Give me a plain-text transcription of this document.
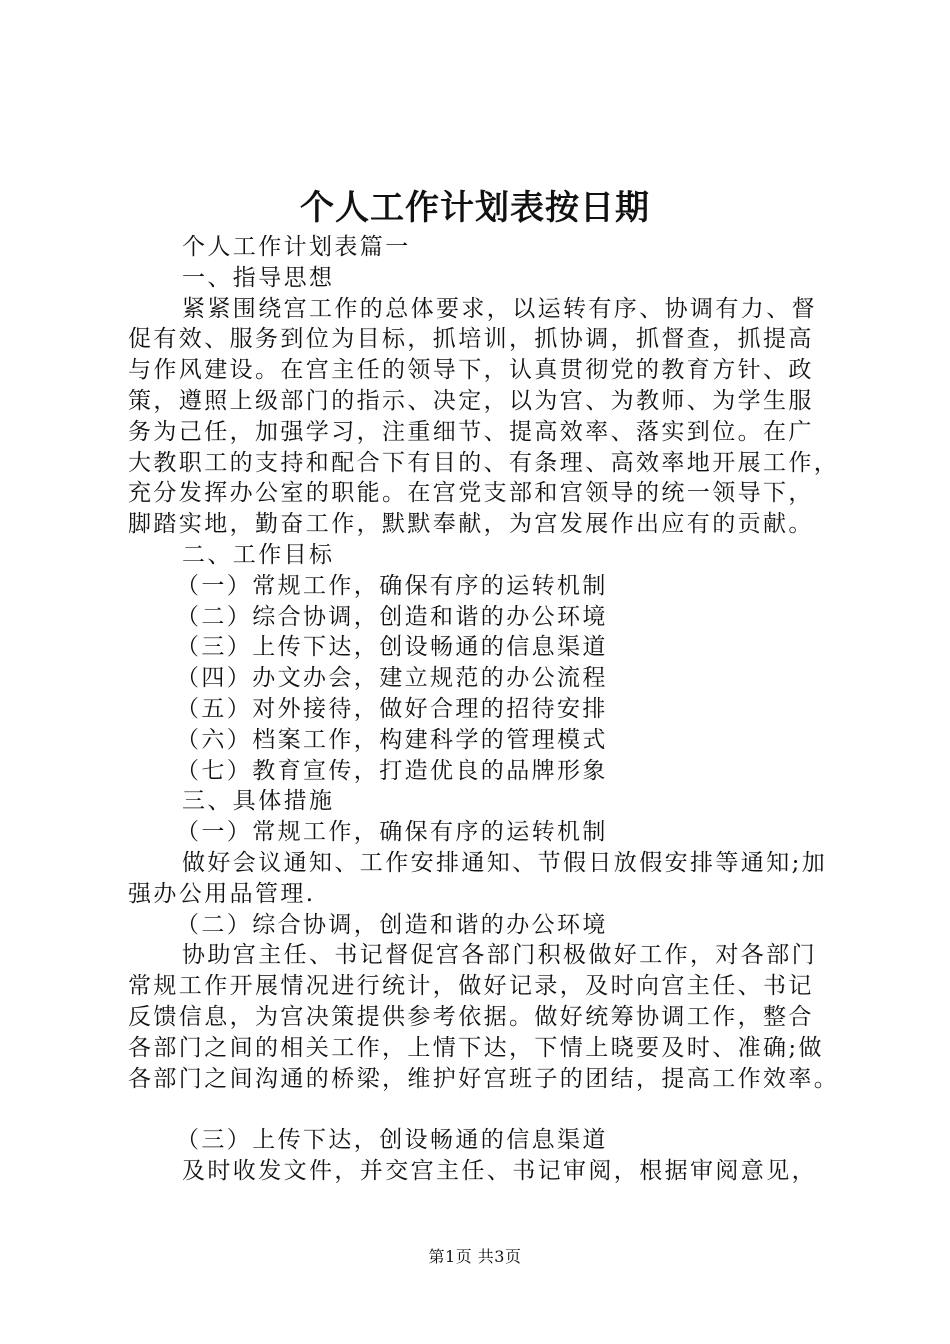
个人工作计划表按日期
个人工作计划表篇一
一、指导思想
紧紧围绕宫工作的总体要求，以运转有序、协调有力、督
促有效、服务到位为目标，抓培训，抓协调，抓督查，抓提高
与作风建设。在宫主任的领导下，认真贯彻党的教育方针、政
策，遵照上级部门的指示、决定，以为宫、为教师、为学生服
务为己任，加强学习，注重细节、提高效率、落实到位。在广
大教职工的支持和配合下有目的、有条理、高效率地开展工作，
充分发挥办公室的职能。在宫党支部和宫领导的统一领导下，
脚踏实地，勤奋工作，默默奉献，为宫发展作出应有的贡献。
二、工作目标
（一）常规工作，确保有序的运转机制
（二）综合协调，创造和谐的办公环境
（三）上传下达，创设畅通的信息渠道
（四）办文办会，建立规范的办公流程
（五）对外接待，做好合理的招待安排
（六）档案工作，构建科学的管理模式
（七）教育宣传，打造优良的品牌形象
三、具体措施
（一）常规工作，确保有序的运转机制
做好会议通知、工作安排通知、节假日放假安排等通知;加
强办公用品管理.
（二）综合协调，创造和谐的办公环境
协助宫主任、书记督促宫各部门积极做好工作，对各部门
常规工作开展情况进行统计，做好记录，及时向宫主任、书记
反馈信息，为宫决策提供参考依据。做好统筹协调工作，整合
各部门之间的相关工作，上情下达，下情上晓要及时、准确;做
各部门之间沟通的桥梁，维护好宫班子的团结，提高工作效率。
（三）上传下达，创设畅通的信息渠道
及时收发文件，并交宫主任、书记审阅，根据审阅意见，
第1页 共3页
